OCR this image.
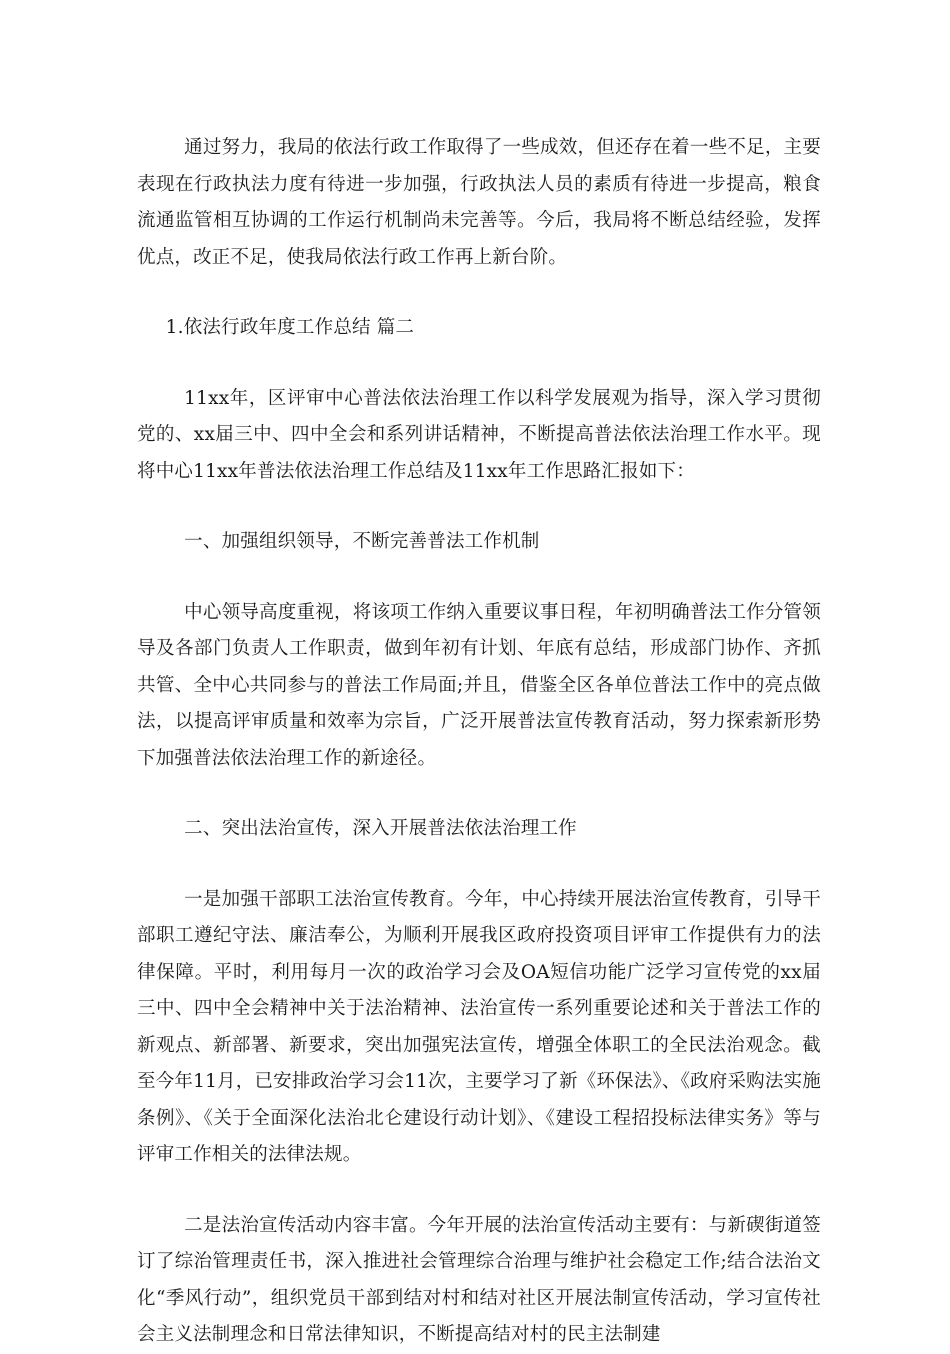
通过努力，我局的依法行政工作取得了一些成效，但还存在着一些不足，主要表现在行政执法力度有待进一步加强，行政执法人员的素质有待进一步提高，粮食流通监管相互协调的工作运行机制尚未完善等。今后，我局将不断总结经验，发挥优点，改正不足，使我局依法行政工作再上新台阶。

1.依法行政年度工作总结 篇二

11xx年，区评审中心普法依法治理工作以科学发展观为指导，深入学习贯彻党的、xx届三中、四中全会和系列讲话精神，不断提高普法依法治理工作水平。现将中心11xx年普法依法治理工作总结及11xx年工作思路汇报如下：

一、加强组织领导，不断完善普法工作机制

中心领导高度重视，将该项工作纳入重要议事日程，年初明确普法工作分管领导及各部门负责人工作职责，做到年初有计划、年底有总结，形成部门协作、齐抓共管、全中心共同参与的普法工作局面;并且，借鉴全区各单位普法工作中的亮点做法，以提高评审质量和效率为宗旨，广泛开展普法宣传教育活动，努力探索新形势下加强普法依法治理工作的新途径。

二、突出法治宣传，深入开展普法依法治理工作

一是加强干部职工法治宣传教育。今年，中心持续开展法治宣传教育，引导干部职工遵纪守法、廉洁奉公，为顺利开展我区政府投资项目评审工作提供有力的法律保障。平时，利用每月一次的政治学习会及OA短信功能广泛学习宣传党的xx届三中、四中全会精神中关于法治精神、法治宣传一系列重要论述和关于普法工作的新观点、新部署、新要求，突出加强宪法宣传，增强全体职工的全民法治观念。截至今年11月，已安排政治学习会11次，主要学习了新《环保法》、《政府采购法实施条例》、《关于全面深化法治北仑建设行动计划》、《建设工程招投标法律实务》等与评审工作相关的法律法规。

二是法治宣传活动内容丰富。今年开展的法治宣传活动主要有：与新碶街道签订了综治管理责任书，深入推进社会管理综合治理与维护社会稳定工作;结合法治文化“季风行动”，组织党员干部到结对村和结对社区开展法制宣传活动，学习宣传社会主义法制理念和日常法律知识，不断提高结对村的民主法制建
